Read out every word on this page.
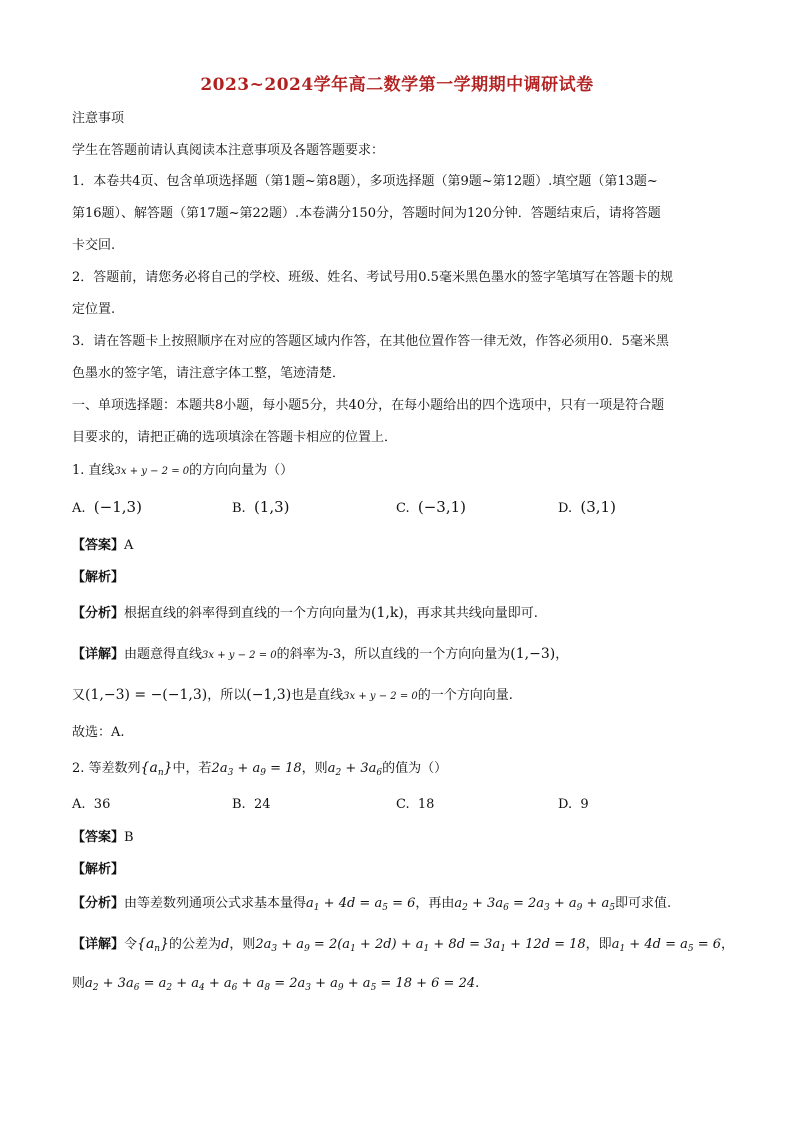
2023~2024学年高二数学第一学期期中调研试卷
注意事项
学生在答题前请认真阅读本注意事项及各题答题要求：
1．本卷共4页、包含单项选择题（第1题~第8题），多项选择题（第9题~第12题）.填空题（第13题~
第16题）、解答题（第17题~第22题）.本卷满分150分，答题时间为120分钟．答题结束后，请将答题
卡交回.
2．答题前，请您务必将自己的学校、班级、姓名、考试号用0.5毫米黑色墨水的签字笔填写在答题卡的规
定位置.
3．请在答题卡上按照顺序在对应的答题区域内作答，在其他位置作答一律无效，作答必须用0．5毫米黑
色墨水的签字笔，请注意字体工整，笔迹清楚．
一、单项选择题：本题共8小题，每小题5分，共40分，在每小题给出的四个选项中，只有一项是符合题
目要求的，请把正确的选项填涂在答题卡相应的位置上．
1. 直线3x + y − 2 = 0的方向向量为（）
A. (−1,3)	B. (1,3)	C. (−3,1)	D. (3,1)
【答案】A
【解析】
【分析】根据直线的斜率得到直线的一个方向向量为(1,k)，再求其共线向量即可.
【详解】由题意得直线3x + y − 2 = 0的斜率为-3，所以直线的一个方向向量为(1,−3)，
又(1,−3) = −(−1,3)，所以(−1,3)也是直线3x + y − 2 = 0的一个方向向量.
故选：A.
2. 等差数列$\{a_n\}$中，若$2a_3 + a_9 = 18$，则$a_2 + 3a_6$的值为（）
A. 36	B. 24	C. 18	D. 9
【答案】B
【解析】
【分析】由等差数列通项公式求基本量得$a_1 + 4d = a_5 = 6$，再由$a_2 + 3a_6 = 2a_3 + a_9 + a_5$即可求值.
【详解】令$\{a_n\}$的公差为d，则$2a_3 + a_9 = 2(a_1 + 2d) + a_1 + 8d = 3a_1 + 12d = 18$，即$a_1 + 4d = a_5 = 6$，
则$a_2 + 3a_6 = a_2 + a_4 + a_6 + a_8 = 2a_3 + a_9 + a_5 = 18 + 6 = 24$.
